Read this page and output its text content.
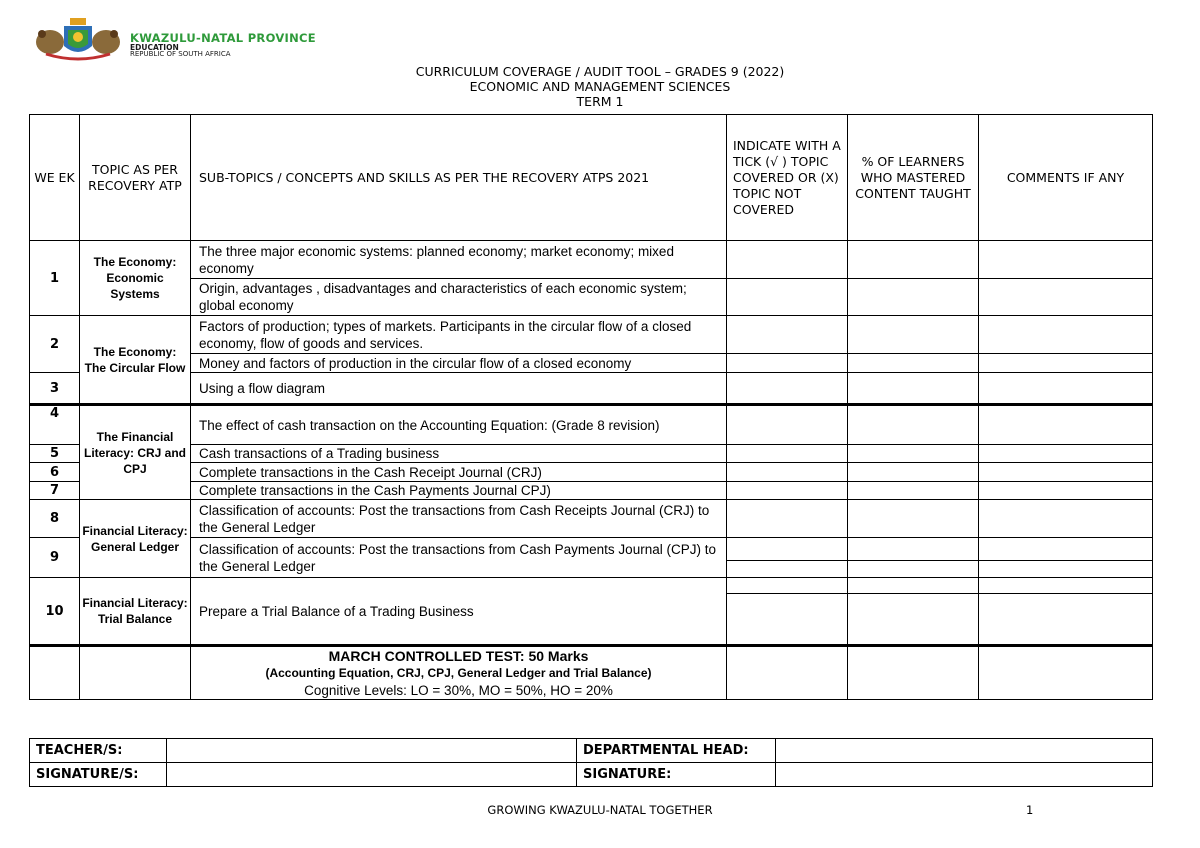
KWAZULU-NATAL PROVINCE
EDUCATION
REPUBLIC OF SOUTH AFRICA
CURRICULUM COVERAGE / AUDIT TOOL – GRADES 9 (2022)
ECONOMIC AND MANAGEMENT SCIENCES
TERM 1
WE EK	TOPIC AS PER RECOVERY ATP	SUB-TOPICS / CONCEPTS AND SKILLS AS PER THE RECOVERY ATPS 2021	INDICATE WITH A TICK (√ ) TOPIC COVERED OR (X) TOPIC NOT COVERED	% OF LEARNERS WHO MASTERED CONTENT TAUGHT	COMMENTS IF ANY
1	The Economy: Economic Systems	The three major economic systems: planned economy; market economy; mixed economy			
		Origin, advantages , disadvantages and characteristics of each economic system; global economy			
2	The Economy: The Circular Flow	Factors of production; types of markets. Participants in the circular flow of a closed economy, flow of goods and services.			
		Money and factors of production in the circular flow of a closed economy			
3		Using a flow diagram			
4	The Financial Literacy: CRJ and CPJ	The effect of cash transaction on the Accounting Equation: (Grade 8 revision)			
5		Cash transactions of a Trading business			
6		Complete transactions in the Cash Receipt Journal (CRJ)			
7		Complete transactions in the Cash Payments Journal CPJ)			
8	Financial Literacy: General Ledger	Classification of accounts: Post the transactions from Cash Receipts Journal (CRJ) to the General Ledger			
9		Classification of accounts: Post the transactions from Cash Payments Journal (CPJ) to the General Ledger	

10	Financial Literacy: Trial Balance	Prepare a Trial Balance of a Trading Business	

		MARCH CONTROLLED TEST: 50 Marks
(Accounting Equation, CRJ, CPJ, General Ledger and Trial Balance)
Cognitive Levels: LO = 30%, MO = 50%, HO = 20%			

TEACHER/S:		DEPARTMENTAL HEAD:	
SIGNATURE/S:		SIGNATURE:	
GROWING KWAZULU-NATAL TOGETHER	1
